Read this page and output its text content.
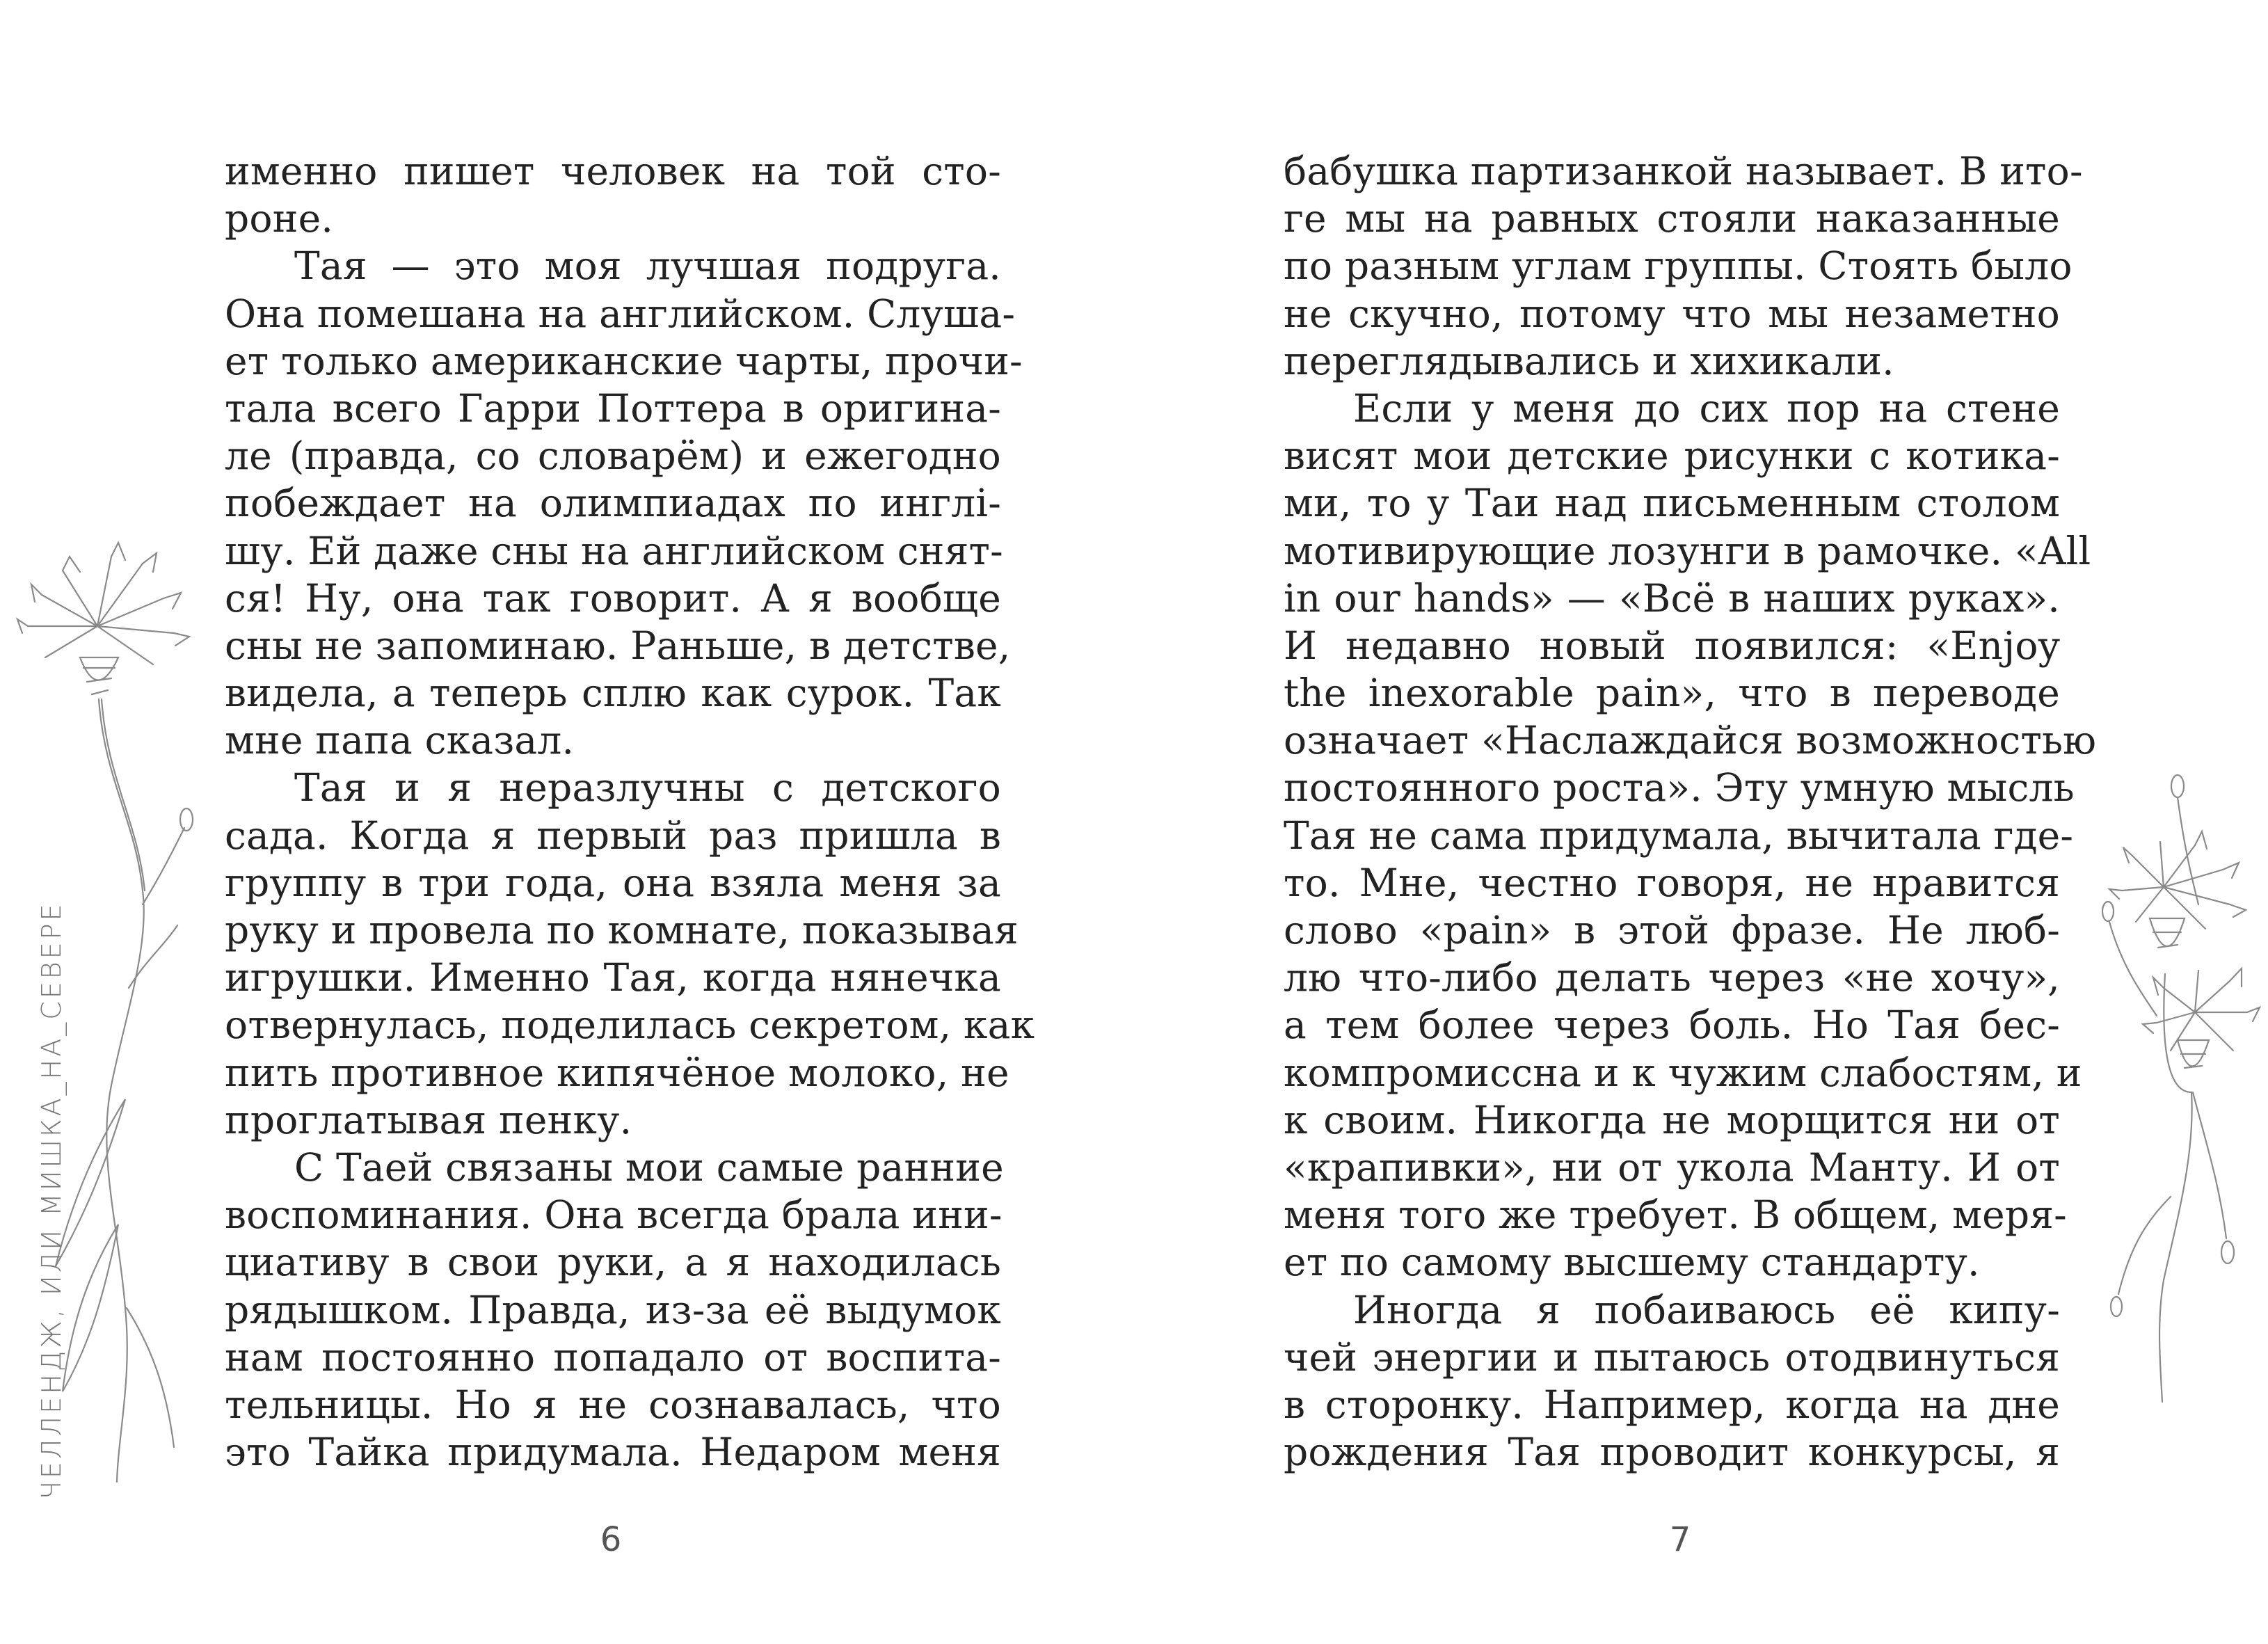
именно пишет человек на той сто-
роне.
Тая — это моя лучшая подруга.
Она помешана на английском. Слуша-
ет только американские чарты, прочи-
тала всего Гарри Поттера в оригина-
ле (правда, со словарём) и ежегодно
побеждает на олимпиадах по инглі-
шу. Ей даже сны на английском снят-
ся! Ну, она так говорит. А я вообще
сны не запоминаю. Раньше, в детстве,
видела, а теперь сплю как сурок. Так
мне папа сказал.
Тая и я неразлучны с детского
сада. Когда я первый раз пришла в
группу в три года, она взяла меня за
руку и провела по комнате, показывая
игрушки. Именно Тая, когда нянечка
отвернулась, поделилась секретом, как
пить противное кипячёное молоко, не
проглатывая пенку.
С Таей связаны мои самые ранние
воспоминания. Она всегда брала ини-
циативу в свои руки, а я находилась
рядышком. Правда, из-за её выдумок
нам постоянно попадало от воспита-
тельницы. Но я не сознавалась, что
это Тайка придумала. Недаром меня
ЧЕЛЛЕНДЖ, ИЛИ МИШКА_НА_СЕВЕРЕ
6
бабушка партизанкой называет. В ито-
ге мы на равных стояли наказанные
по разным углам группы. Стоять было
не скучно, потому что мы незаметно
переглядывались и хихикали.
Если у меня до сих пор на стене
висят мои детские рисунки с котика-
ми, то у Таи над письменным столом
мотивирующие лозунги в рамочке. «All
in our hands» — «Всё в наших руках».
И недавно новый появился: «Enjoy
the inexorable pain», что в переводе
означает «Наслаждайся возможностью
постоянного роста». Эту умную мысль
Тая не сама придумала, вычитала где-
то. Мне, честно говоря, не нравится
слово «pain» в этой фразе. Не люб-
лю что-либо делать через «не хочу»,
а тем более через боль. Но Тая бес-
компромиссна и к чужим слабостям, и
к своим. Никогда не морщится ни от
«крапивки», ни от укола Манту. И от
меня того же требует. В общем, меря-
ет по самому высшему стандарту.
Иногда я побаиваюсь её кипу-
чей энергии и пытаюсь отодвинуться
в сторонку. Например, когда на дне
рождения Тая проводит конкурсы, я
7
